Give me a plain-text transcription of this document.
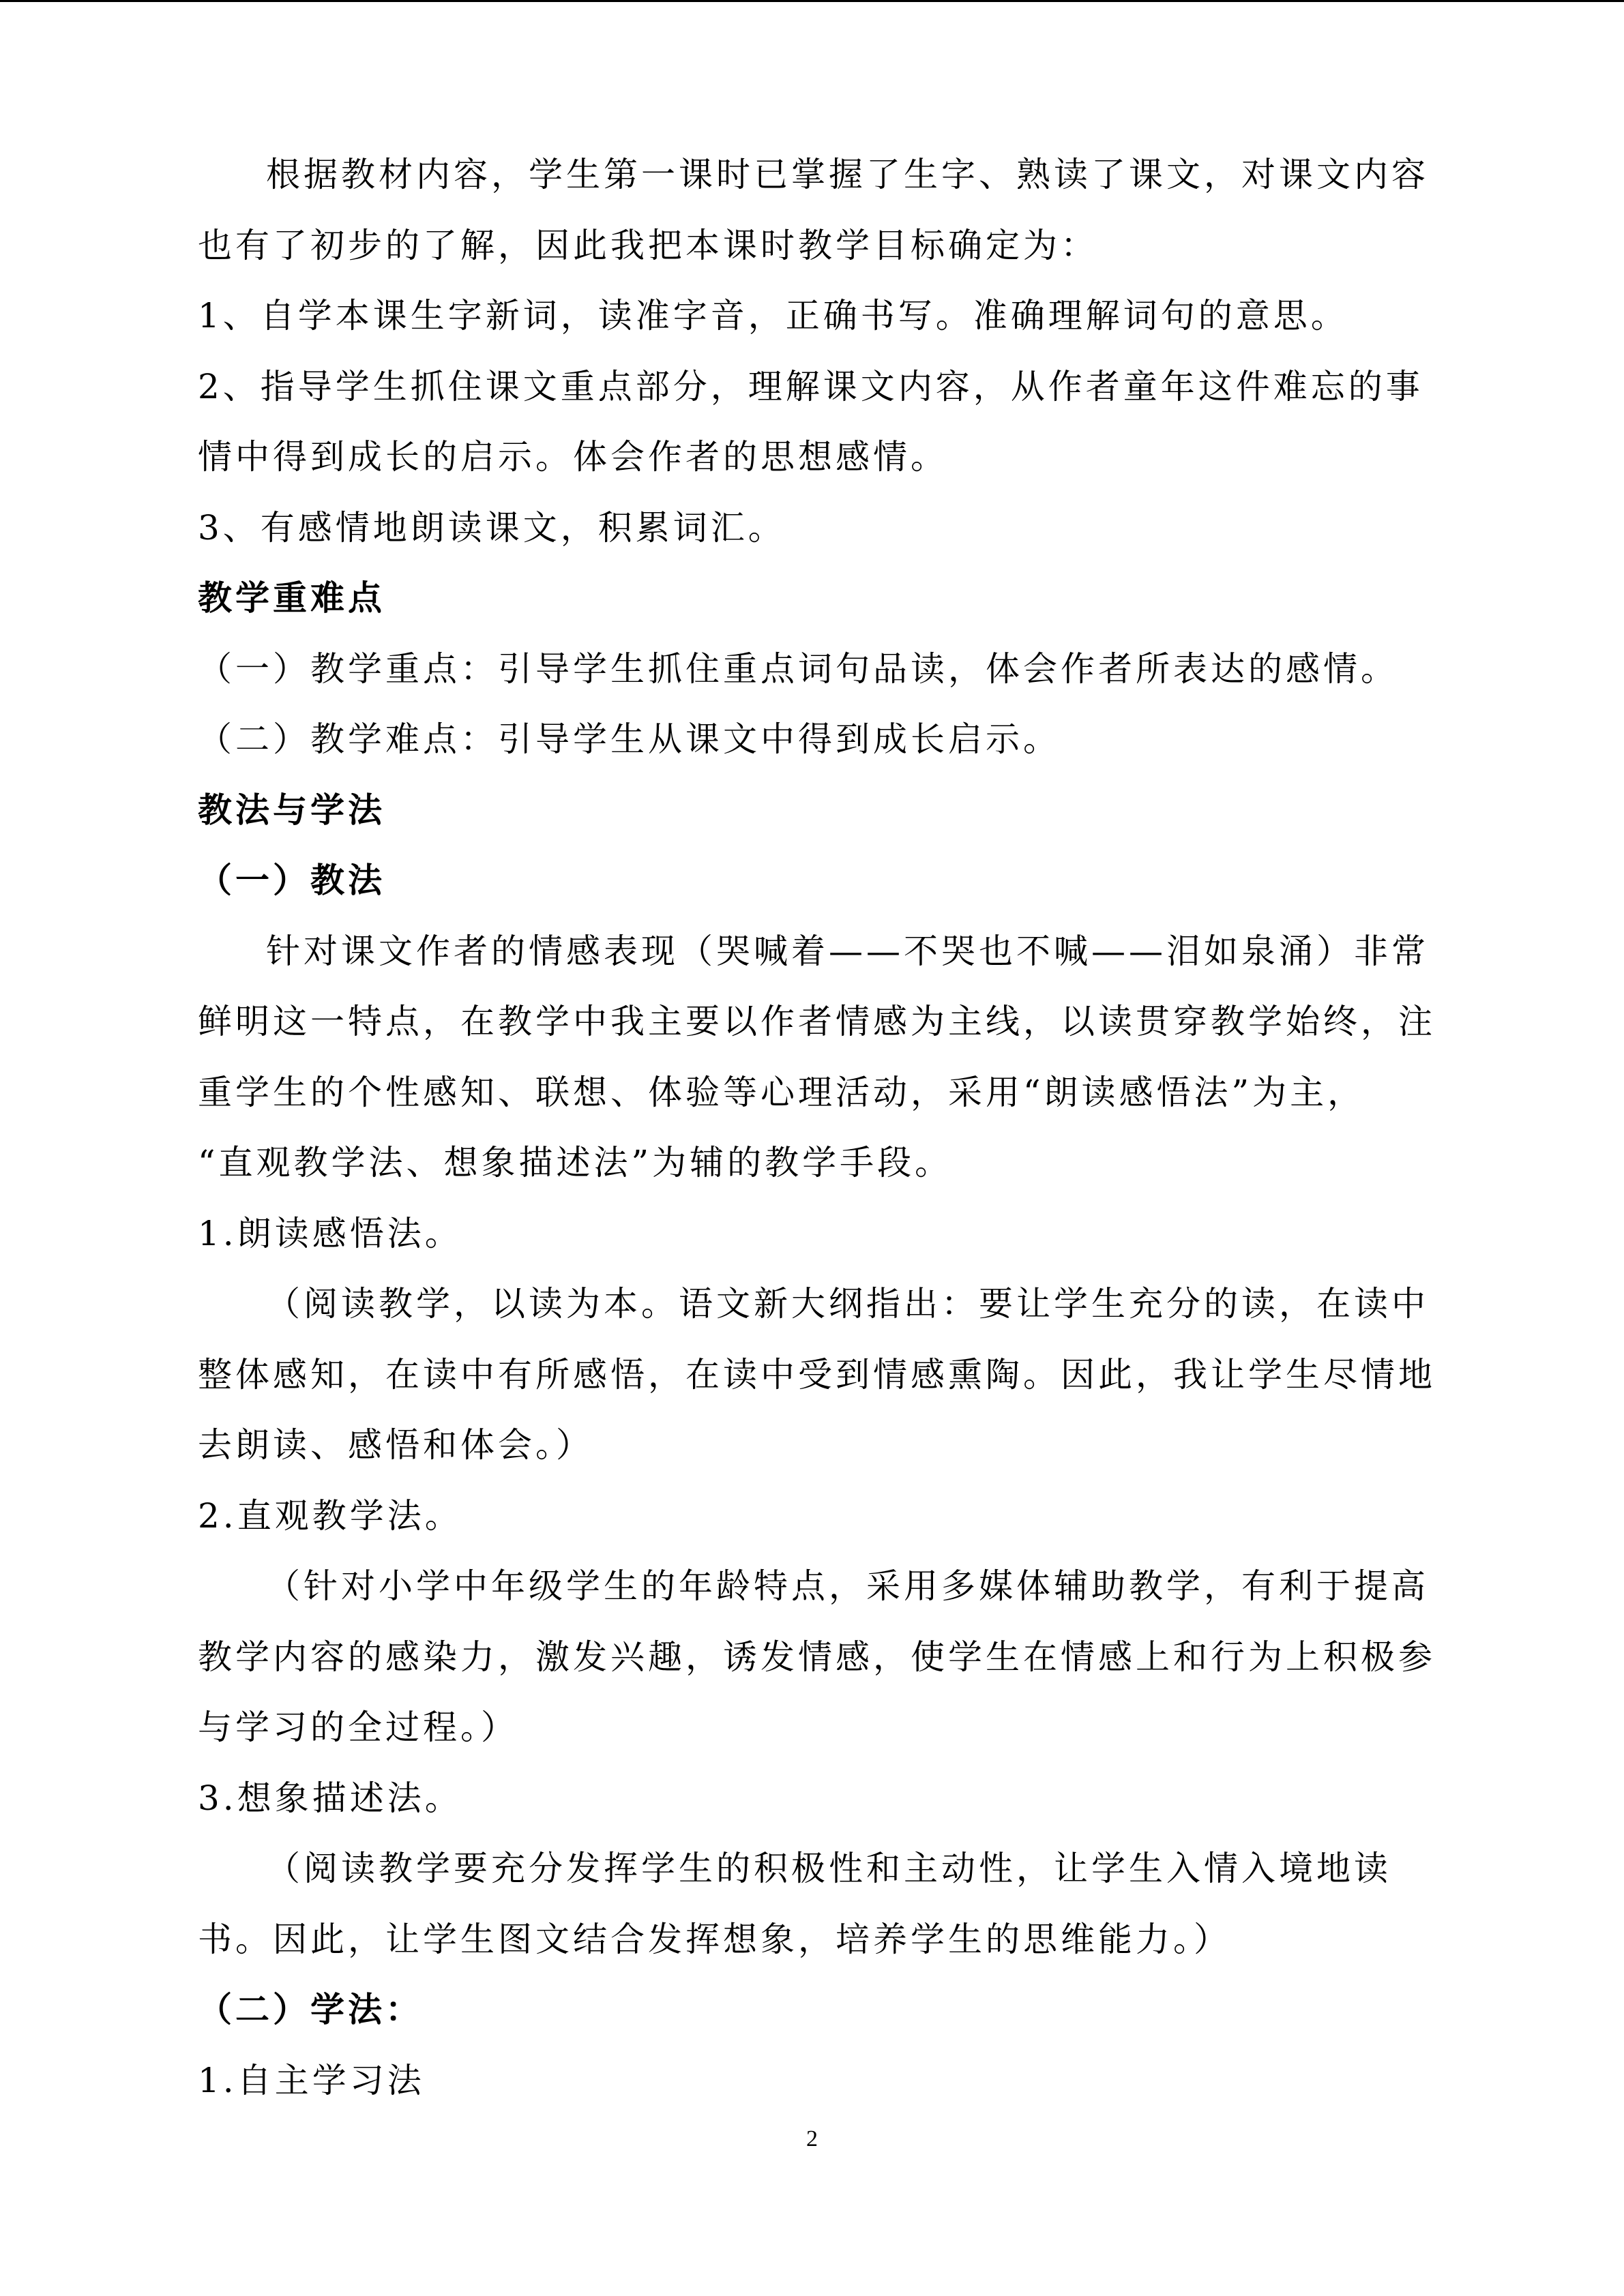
根据教材内容，学生第一课时已掌握了生字、熟读了课文，对课文内容
也有了初步的了解，因此我把本课时教学目标确定为：
1、自学本课生字新词，读准字音，正确书写。准确理解词句的意思。
2、指导学生抓住课文重点部分，理解课文内容，从作者童年这件难忘的事
情中得到成长的启示。体会作者的思想感情。
3、有感情地朗读课文，积累词汇。
教学重难点
（一）教学重点：引导学生抓住重点词句品读，体会作者所表达的感情。
（二）教学难点：引导学生从课文中得到成长启示。
教法与学法
（一）教法
针对课文作者的情感表现（哭喊着——不哭也不喊——泪如泉涌）非常
鲜明这一特点，在教学中我主要以作者情感为主线，以读贯穿教学始终，注
重学生的个性感知、联想、体验等心理活动，采用“朗读感悟法”为主，
“直观教学法、想象描述法”为辅的教学手段。
1.朗读感悟法。
（阅读教学，以读为本。语文新大纲指出：要让学生充分的读，在读中
整体感知，在读中有所感悟，在读中受到情感熏陶。因此，我让学生尽情地
去朗读、感悟和体会。）
2.直观教学法。
（针对小学中年级学生的年龄特点，采用多媒体辅助教学，有利于提高
教学内容的感染力，激发兴趣，诱发情感，使学生在情感上和行为上积极参
与学习的全过程。）
3.想象描述法。
（阅读教学要充分发挥学生的积极性和主动性，让学生入情入境地读
书。因此，让学生图文结合发挥想象，培养学生的思维能力。）
（二）学法：
1.自主学习法
2
